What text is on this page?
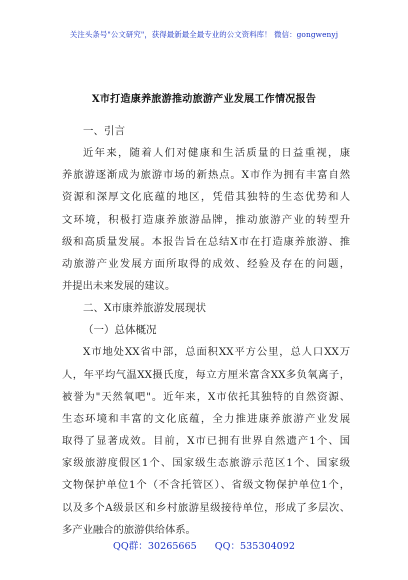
关注头条号"公文研究"，获得最新最全最专业的公文资料库！ 微信：gongwenyj
X市打造康养旅游推动旅游产业发展工作情况报告
一、引言
近年来，随着人们对健康和生活质量的日益重视，康
养旅游逐渐成为旅游市场的新热点。X市作为拥有丰富自然
资源和深厚文化底蕴的地区，凭借其独特的生态优势和人
文环境，积极打造康养旅游品牌，推动旅游产业的转型升
级和高质量发展。本报告旨在总结X市在打造康养旅游、推
动旅游产业发展方面所取得的成效、经验及存在的问题，
并提出未来发展的建议。
二、X市康养旅游发展现状
（一）总体概况
X市地处XX省中部，总面积XX平方公里，总人口XX万
人，年平均气温XX摄氏度，每立方厘米富含XX多负氧离子，
被誉为"天然氧吧"。近年来，X市依托其独特的自然资源、
生态环境和丰富的文化底蕴，全力推进康养旅游产业发展
取得了显著成效。目前，X市已拥有世界自然遗产1个、国
家级旅游度假区1个、国家级生态旅游示范区1个、国家级
文物保护单位1个（不含托管区）、省级文物保护单位1个，
以及多个A级景区和乡村旅游星级接待单位，形成了多层次、
多产业融合的旅游供给体系。
QQ群：30265665 QQ：535304092
